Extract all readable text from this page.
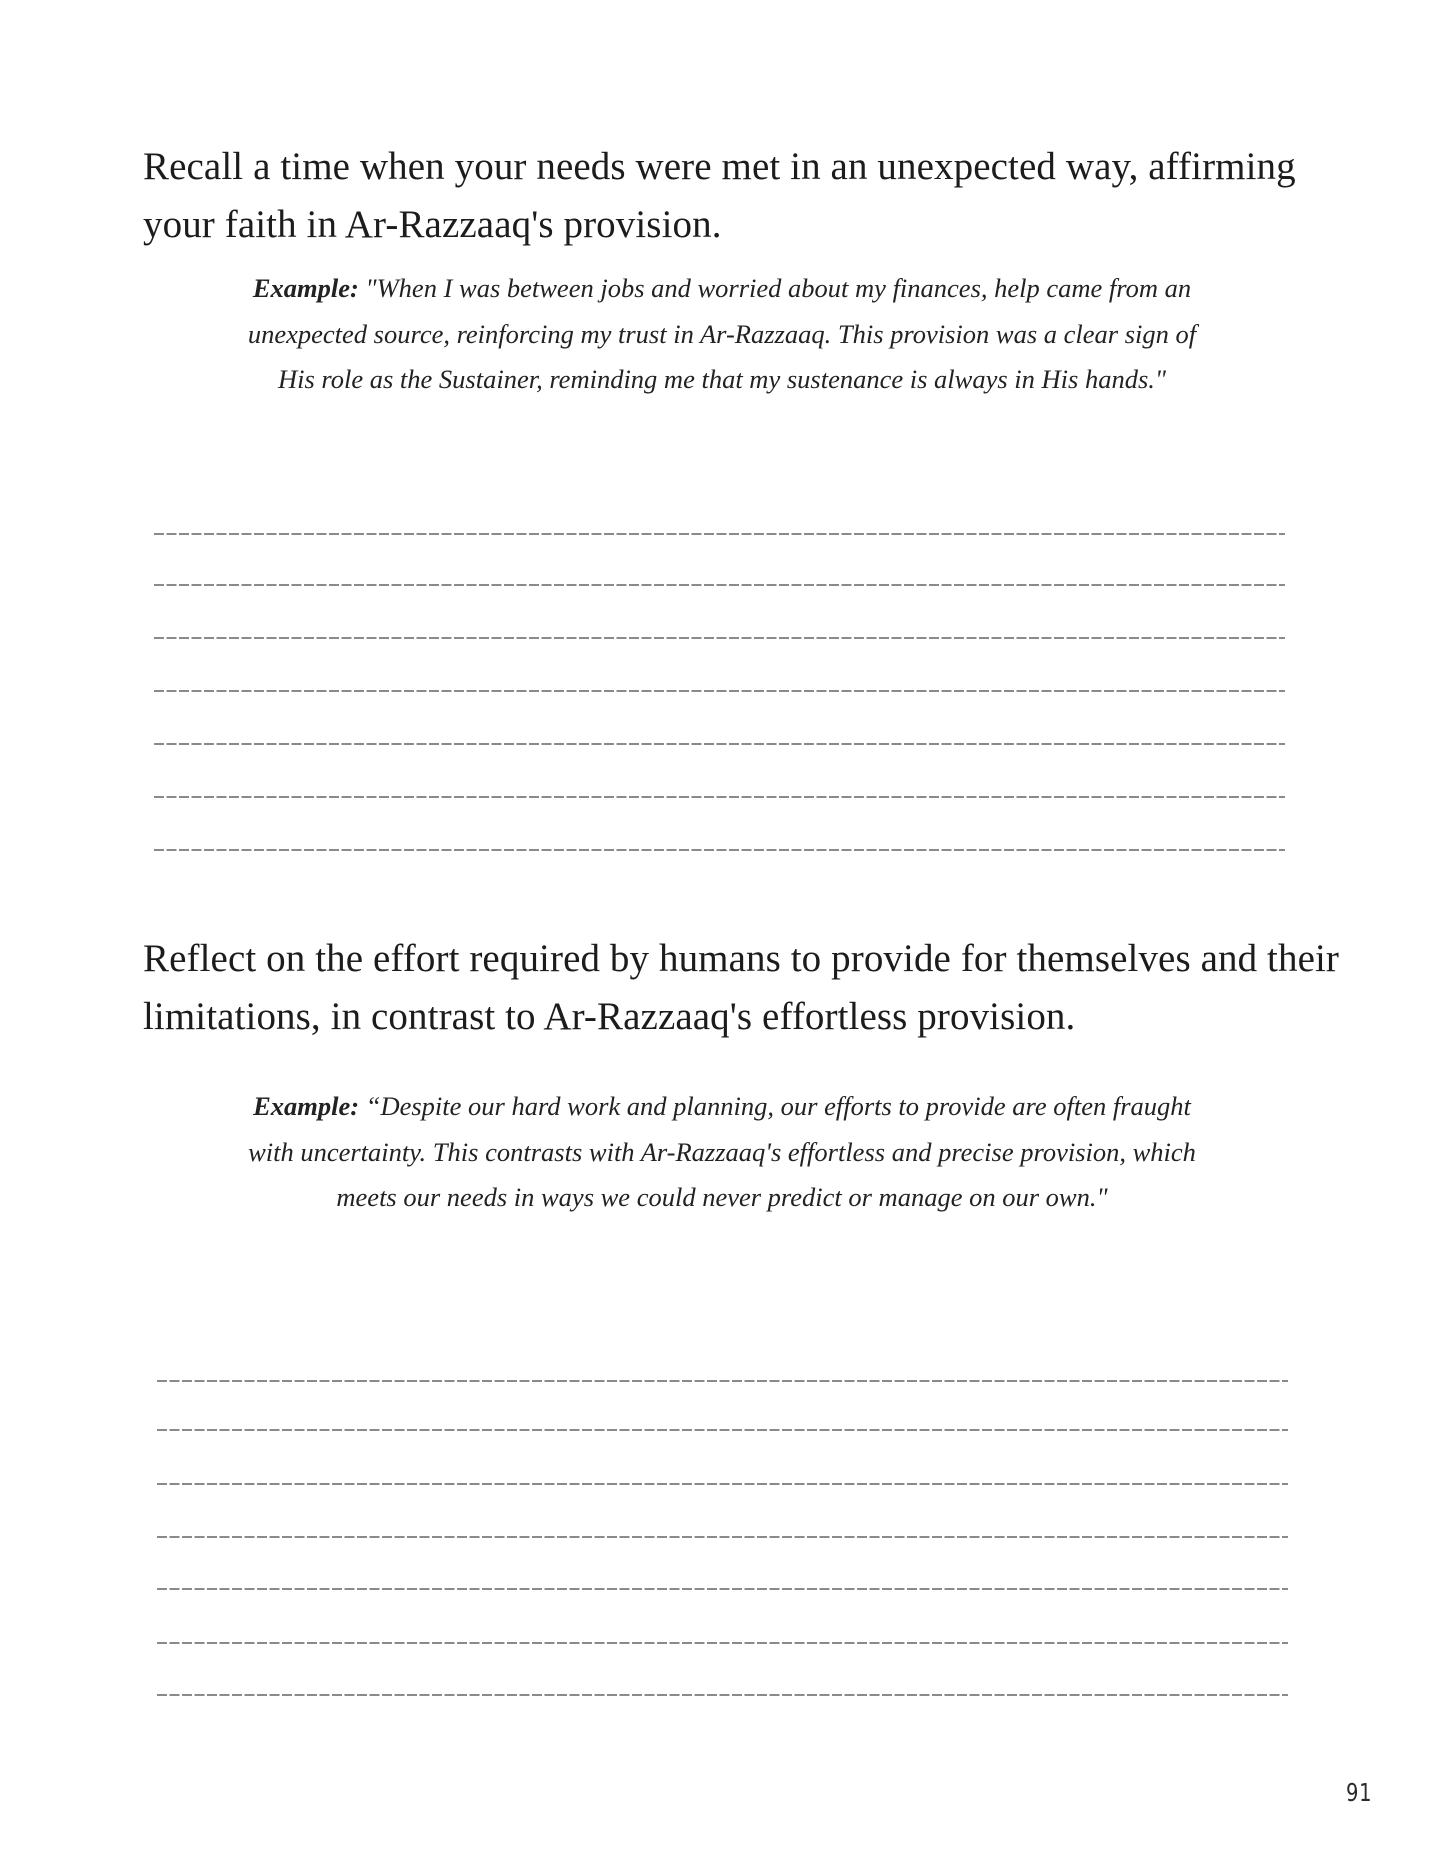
Recall a time when your needs were met in an unexpected way, affirming your faith in Ar-Razzaaq's provision.

Example: "When I was between jobs and worried about my finances, help came from an unexpected source, reinforcing my trust in Ar-Razzaaq. This provision was a clear sign of His role as the Sustainer, reminding me that my sustenance is always in His hands."

Reflect on the effort required by humans to provide for themselves and their limitations, in contrast to Ar-Razzaaq's effortless provision.

Example: “Despite our hard work and planning, our efforts to provide are often fraught with uncertainty. This contrasts with Ar-Razzaaq's effortless and precise provision, which meets our needs in ways we could never predict or manage on our own."

91
